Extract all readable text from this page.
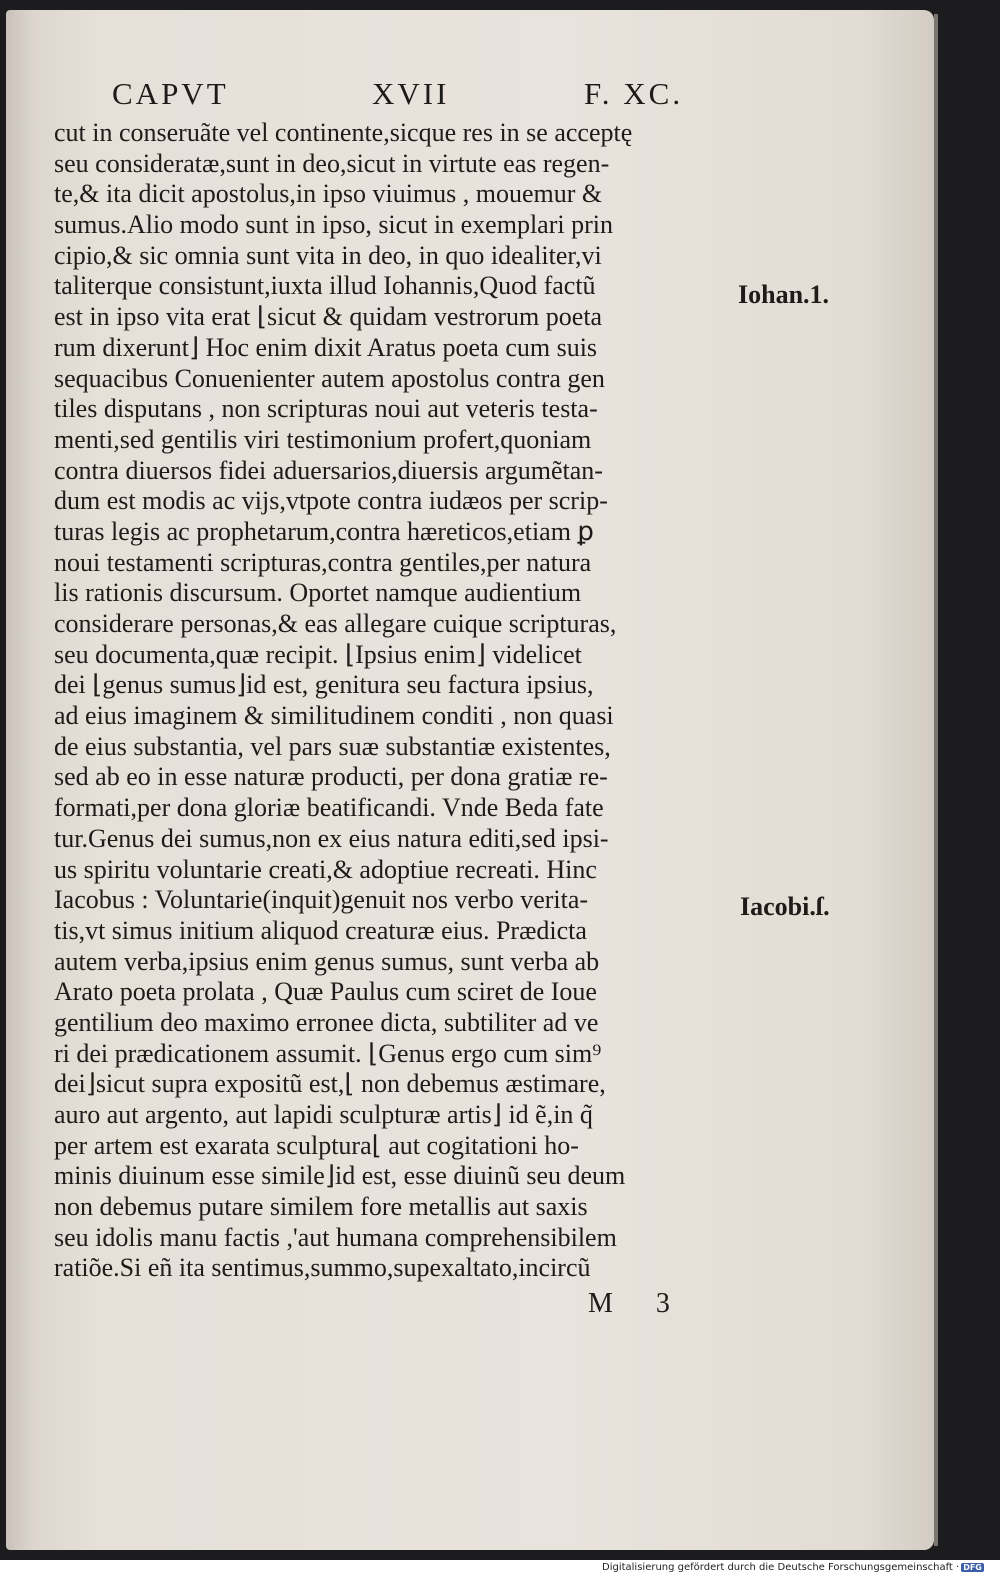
CAPVT	XVII	F. XC.
cut in conseruãte vel continente,sicque res in se acceptę
seu consideratæ,sunt in deo,sicut in virtute eas regen-
te,& ita dicit apostolus,in ipso viuimus , mouemur &
sumus.Alio modo sunt in ipso, sicut in exemplari prin
cipio,& sic omnia sunt vita in deo, in quo idealiter,vi
taliterque consistunt,iuxta illud Iohannis,Quod factũ
est in ipso vita erat ⌊sicut & quidam vestrorum poeta
rum dixerunt⌋ Hoc enim dixit Aratus poeta cum suis
sequacibus Conuenienter autem apostolus contra gen
tiles disputans , non scripturas noui aut veteris testa-
menti,sed gentilis viri testimonium profert,quoniam
contra diuersos fidei aduersarios,diuersis argumẽtan-
dum est modis ac vijs,vtpote contra iudæos per scrip-
turas legis ac prophetarum,contra hæreticos,etiam ꝑ
noui testamenti scripturas,contra gentiles,per natura
lis rationis discursum. Oportet namque audientium
considerare personas,& eas allegare cuique scripturas,
seu documenta,quæ recipit. ⌊Ipsius enim⌋ videlicet
dei ⌊genus sumus⌋id est, genitura seu factura ipsius,
ad eius imaginem & similitudinem conditi , non quasi
de eius substantia, vel pars suæ substantiæ existentes,
sed ab eo in esse naturæ producti, per dona gratiæ re-
formati,per dona gloriæ beatificandi. Vnde Beda fate
tur.Genus dei sumus,non ex eius natura editi,sed ipsi-
us spiritu voluntarie creati,& adoptiue recreati. Hinc
Iacobus : Voluntarie(inquit)genuit nos verbo verita-
tis,vt simus initium aliquod creaturæ eius. Prædicta
autem verba,ipsius enim genus sumus, sunt verba ab
Arato poeta prolata , Quæ Paulus cum sciret de Ioue
gentilium deo maximo erronee dicta, subtiliter ad ve
ri dei prædicationem assumit. ⌊Genus ergo cum sim⁹
dei⌋sicut supra expositũ est,⌊ non debemus æstimare,
auro aut argento, aut lapidi sculpturæ artis⌋ id ẽ,in q̃
per artem est exarata sculptura⌊ aut cogitationi ho-
minis diuinum esse simile⌋id est, esse diuinũ seu deum
non debemus putare similem fore metallis aut saxis
seu idolis manu factis ,'aut humana comprehensibilem
ratiõe.Si eñ ita sentimus,summo,supexaltato,incircũ
Iohan.1.
Iacobi.ſ.
M 3
Digitalisierung gefördert durch die Deutsche Forschungsgemeinschaft · DFG
